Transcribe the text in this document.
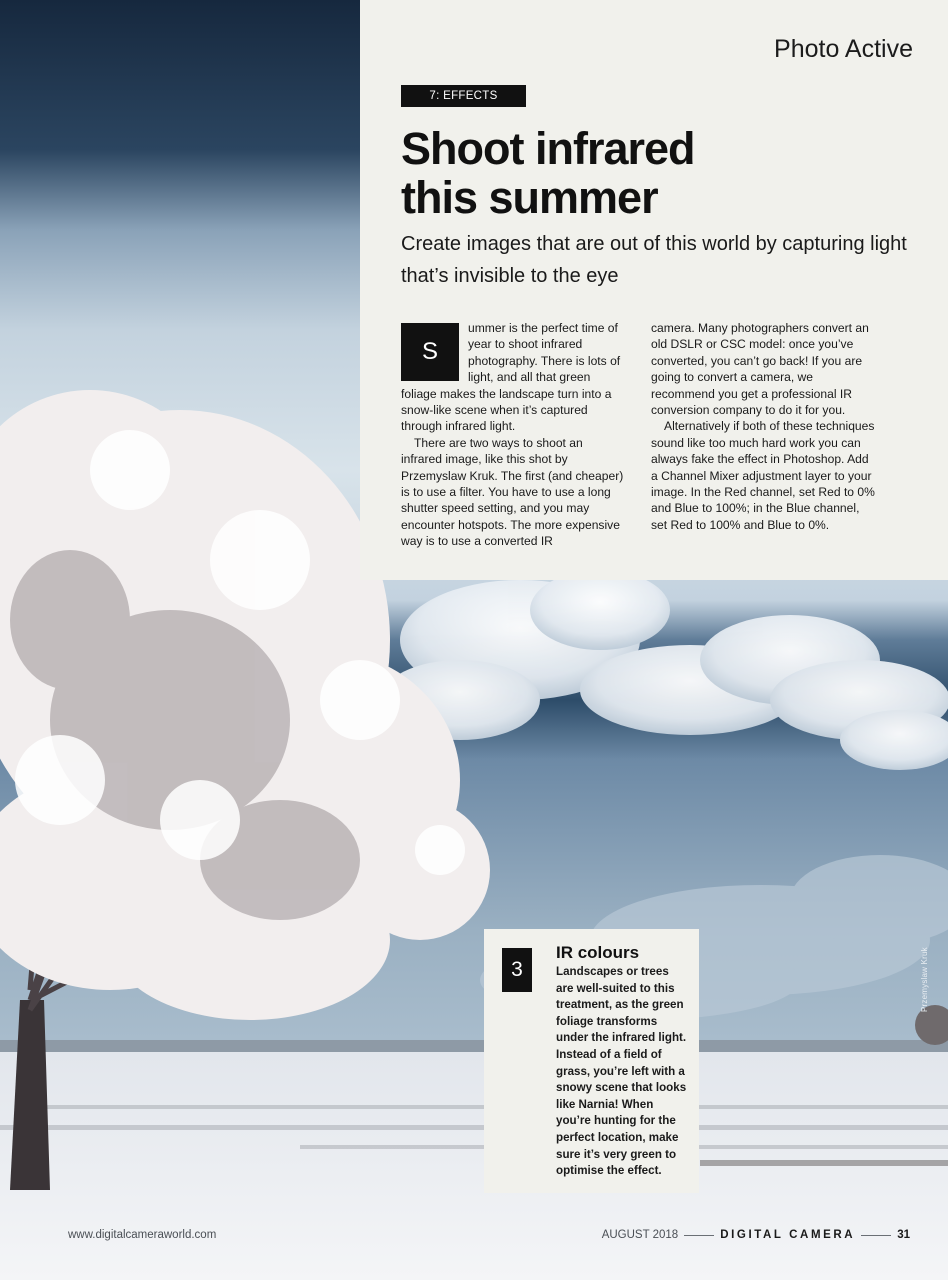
Przemyslaw Kruk
Photo Active
7: EFFECTS
Shoot infrared
this summer

Create images that are out of this world by capturing light that’s invisible to the eye

S
ummer is the perfect time of year to shoot infrared photography. There is lots of light, and all that green foliage makes the landscape turn into a snow-like scene when it’s captured through infrared light.

There are two ways to shoot an infrared image, like this shot by Przemyslaw Kruk. The first (and cheaper) is to use a filter. You have to use a long shutter speed setting, and you may encounter hotspots. The more expensive way is to use a converted IR

camera. Many photographers convert an old DSLR or CSC model: once you’ve converted, you can’t go back! If you are going to convert a camera, we recommend you get a professional IR conversion company to do it for you.

Alternatively if both of these techniques sound like too much hard work you can always fake the effect in Photoshop. Add a Channel Mixer adjustment layer to your image. In the Red channel, set Red to 0% and Blue to 100%; in the Blue channel, set Red to 100% and Blue to 0%.

3
IR colours

Landscapes or trees are well-suited to this treatment, as the green foliage transforms under the infrared light. Instead of a field of grass, you’re left with a snowy scene that looks like Narnia! When you’re hunting for the perfect location, make sure it’s very green to optimise the effect.

www.digitalcameraworld.com	AUGUST 2018	DIGITAL CAMERA	31
